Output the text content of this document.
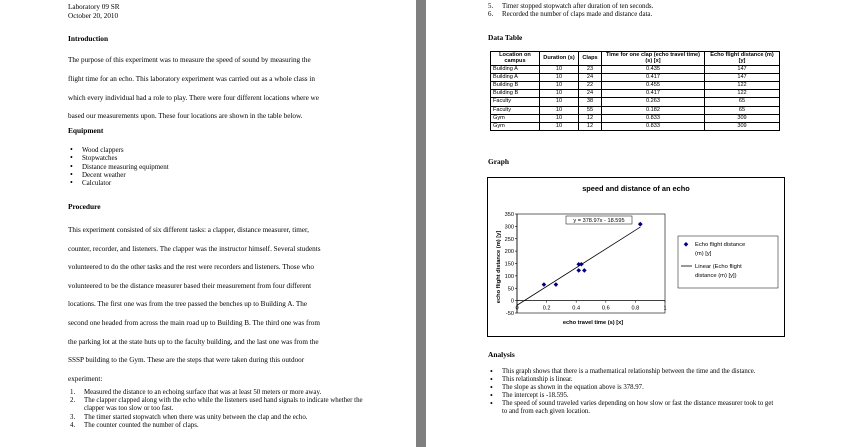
Laboratory 09 SR
October 20, 2010
Introduction

The purpose of this experiment was to measure the speed of sound by measuring the

flight time for an echo. This laboratory experiment was carried out as a whole class in

which every individual had a role to play. There were four different locations where we

based our measurements upon. These four locations are shown in the table below.

Equipment
• Wood clappers
• Stopwatches
• Distance measuring equipment
• Decent weather
• Calculator
Procedure

This experiment consisted of six different tasks: a clapper, distance measurer, timer,

counter, recorder, and listeners. The clapper was the instructor himself. Several students

volunteered to do the other tasks and the rest were recorders and listeners. Those who

volunteered to be the distance measurer based their measurement from four different

locations. The first one was from the tree passed the benches up to Building A. The

second one headed from across the main road up to Building B. The third one was from

the parking lot at the state huts up to the faculty building, and the last one was from the

SSSP building to the Gym. These are the steps that were taken during this outdoor

experiment:

1. Measured the distance to an echoing surface that was at least 50 meters or more away.
2. The clapper clapped along with the echo while the listeners used hand signals to indicate whether the clapper was too slow or too fast.
3. The timer started stopwatch when there was unity between the clap and the echo.
4. The counter counted the number of claps.
5. Timer stopped stopwatch after duration of ten seconds.
6. Recorded the number of claps made and distance data.
Data Table
Location on campus	Duration (s)	Claps	Time for one clap (echo travel time) (s) [x]	Echo flight distance (m) [y]
Building A	10	23	0.435	147
Building A	10	24	0.417	147
Building B	10	22	0.455	122
Building B	10	24	0.417	122
Faculty	10	38	0.263	65
Faculty	10	55	0.182	65
Gym	10	12	0.833	309
Gym	10	12	0.833	309
Graph
speed and distance of an echo
echo flight distance (m) [y]
echo travel time (s) [x]
-50
0
50
100
150
200
250
300
350
0	0.2	0.4	0.6	0.8	1
y = 378.97x - 18.595
Echo flight distance (m) [y]
Linear (Echo flight distance (m) [y])
Analysis
• This graph shows that there is a mathematical relationship between the time and the distance.
• This relationship is linear.
• The slope as shown in the equation above is 378.97.
• The intercept is -18.595.
• The speed of sound traveled varies depending on how slow or fast the distance measurer took to get to and from each given location.
